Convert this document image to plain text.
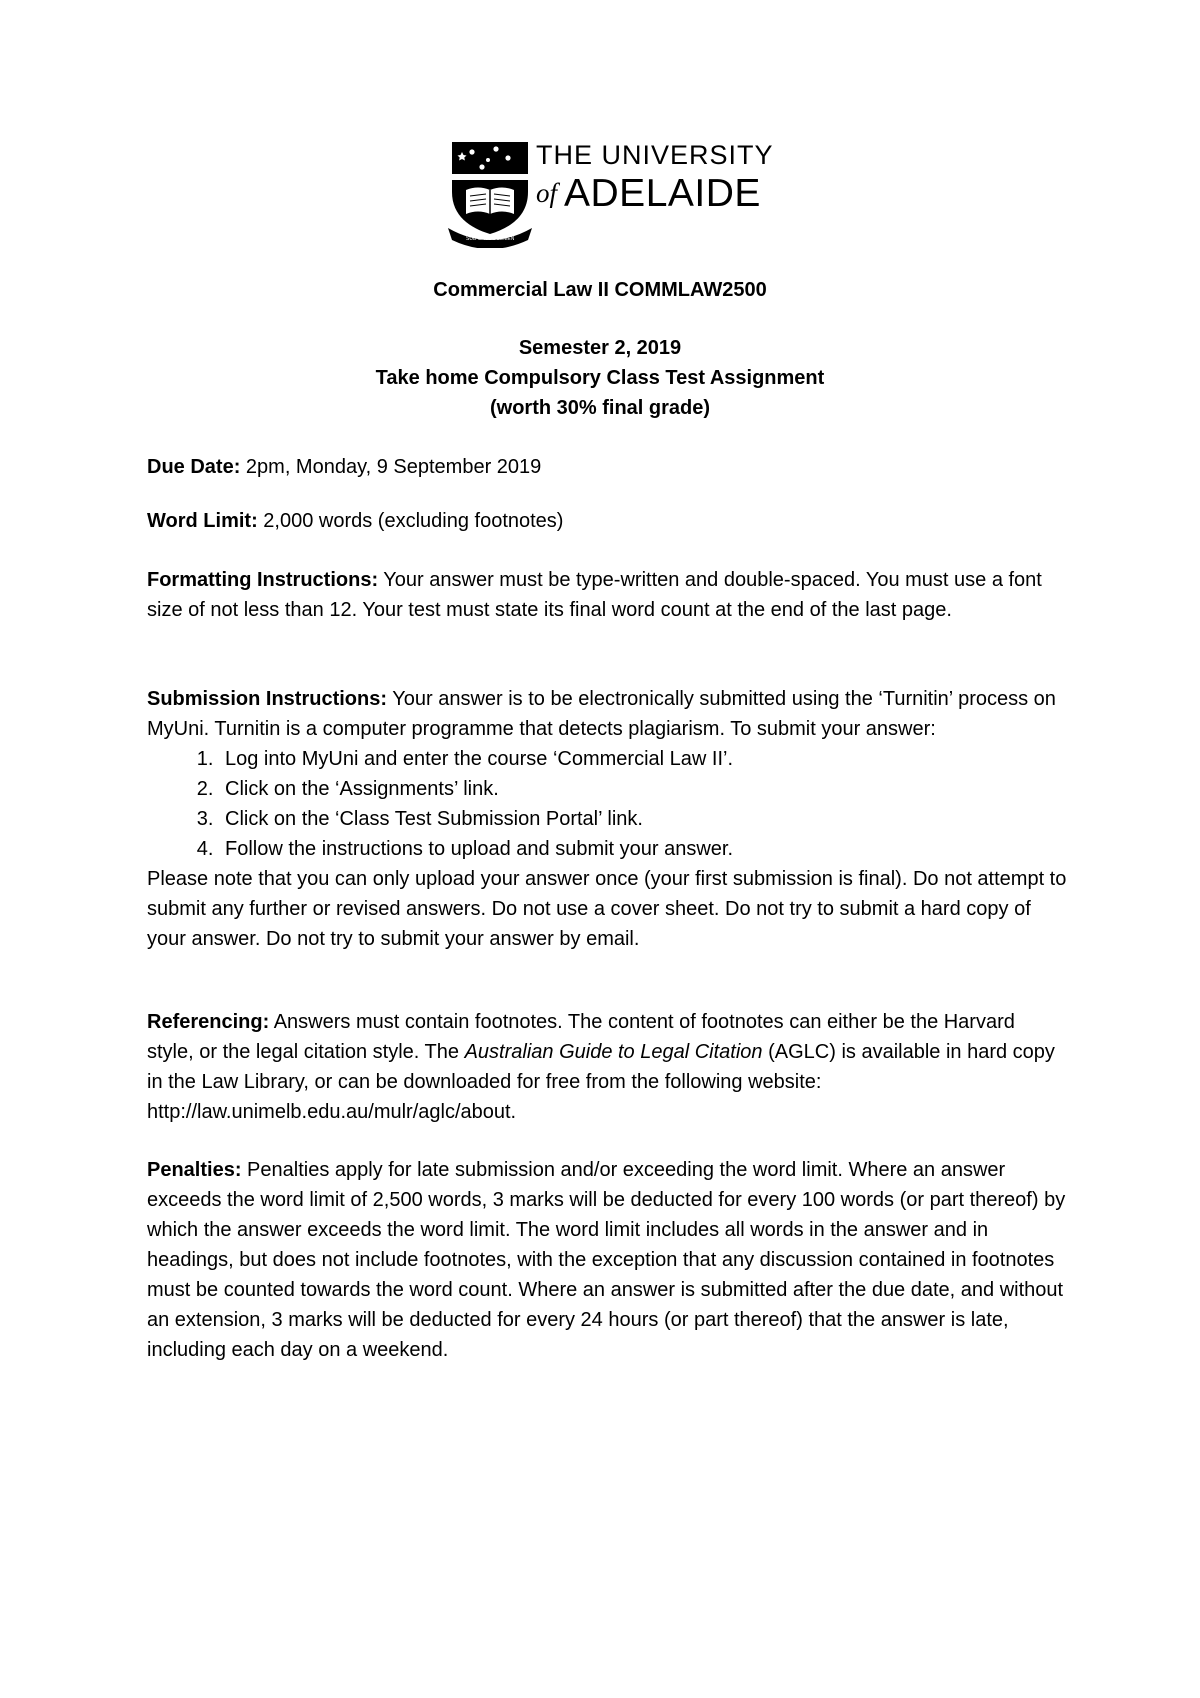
THE UNIVERSITY
of ADELAIDE
Commercial Law II COMMLAW2500
Semester 2, 2019
Take home Compulsory Class Test Assignment
(worth 30% final grade)

Due Date: 2pm, Monday, 9 September 2019

Word Limit: 2,000 words (excluding footnotes)

Formatting Instructions: Your answer must be type-written and double-spaced. You must use a font size of not less than 12. Your test must state its final word count at the end of the last page.

Submission Instructions: Your answer is to be electronically submitted using the ‘Turnitin’ process on MyUni. Turnitin is a computer programme that detects plagiarism. To submit your answer:

1. Log into MyUni and enter the course ‘Commercial Law II’.
2. Click on the ‘Assignments’ link.
3. Click on the ‘Class Test Submission Portal’ link.
4. Follow the instructions to upload and submit your answer.

Please note that you can only upload your answer once (your first submission is final). Do not attempt to submit any further or revised answers. Do not use a cover sheet. Do not try to submit a hard copy of your answer. Do not try to submit your answer by email.

Referencing: Answers must contain footnotes. The content of footnotes can either be the Harvard style, or the legal citation style. The Australian Guide to Legal Citation (AGLC) is available in hard copy in the Law Library, or can be downloaded for free from the following website: http://law.unimelb.edu.au/mulr/aglc/about.

Penalties: Penalties apply for late submission and/or exceeding the word limit. Where an answer exceeds the word limit of 2,500 words, 3 marks will be deducted for every 100 words (or part thereof) by which the answer exceeds the word limit. The word limit includes all words in the answer and in headings, but does not include footnotes, with the exception that any discussion contained in footnotes must be counted towards the word count. Where an answer is submitted after the due date, and without an extension, 3 marks will be deducted for every 24 hours (or part thereof) that the answer is late, including each day on a weekend.

SUB CRUCE LUMEN
